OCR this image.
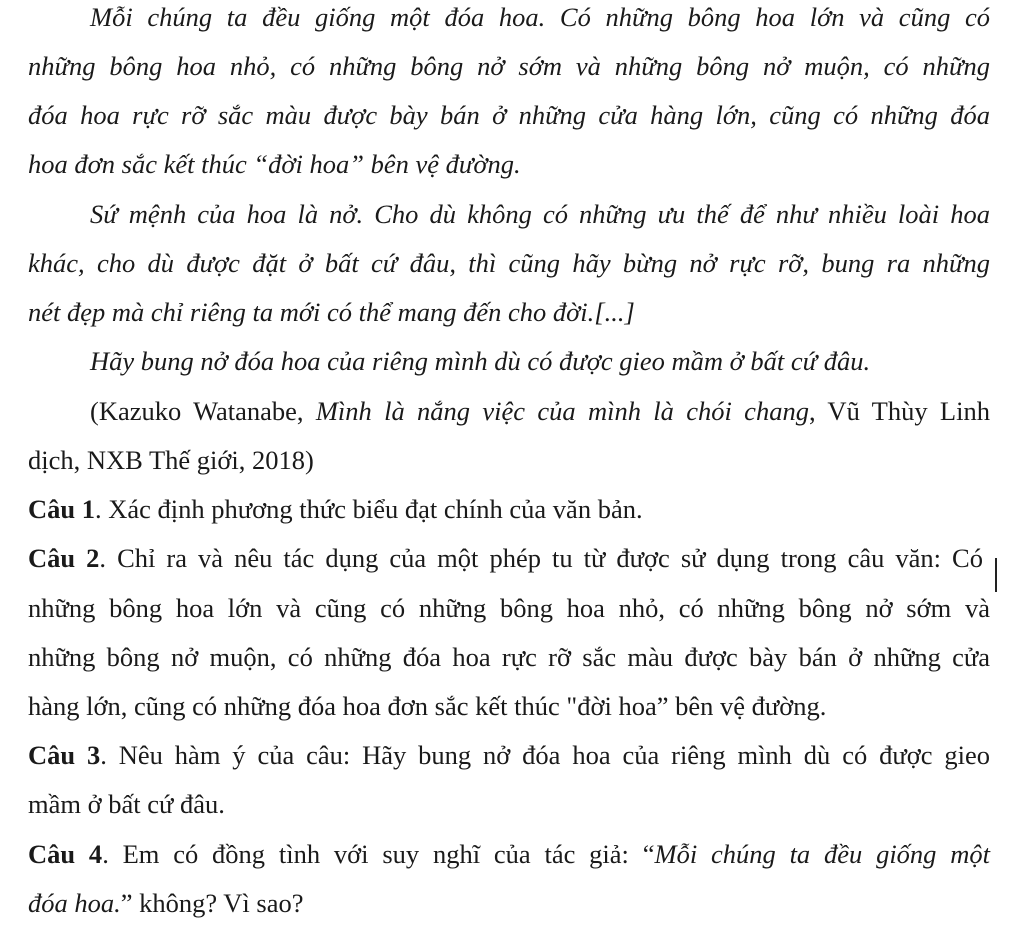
Mỗi chúng ta đều giống một đóa hoa. Có những bông hoa lớn và cũng có
những bông hoa nhỏ, có những bông nở sớm và những bông nở muộn, có những
đóa hoa rực rỡ sắc màu được bày bán ở những cửa hàng lớn, cũng có những đóa
hoa đơn sắc kết thúc “đời hoa” bên vệ đường.
Sứ mệnh của hoa là nở. Cho dù không có những ưu thế để như nhiều loài hoa
khác, cho dù được đặt ở bất cứ đâu, thì cũng hãy bừng nở rực rỡ, bung ra những
nét đẹp mà chỉ riêng ta mới có thể mang đến cho đời.[...]
Hãy bung nở đóa hoa của riêng mình dù có được gieo mầm ở bất cứ đâu.
(Kazuko Watanabe, Mình là nắng việc của mình là chói chang, Vũ Thùy Linh
dịch, NXB Thế giới, 2018)
Câu 1. Xác định phương thức biểu đạt chính của văn bản.
Câu 2. Chỉ ra và nêu tác dụng của một phép tu từ được sử dụng trong câu văn: Có
những bông hoa lớn và cũng có những bông hoa nhỏ, có những bông nở sớm và
những bông nở muộn, có những đóa hoa rực rỡ sắc màu được bày bán ở những cửa
hàng lớn, cũng có những đóa hoa đơn sắc kết thúc "đời hoa” bên vệ đường.
Câu 3. Nêu hàm ý của câu: Hãy bung nở đóa hoa của riêng mình dù có được gieo
mầm ở bất cứ đâu.
Câu 4. Em có đồng tình với suy nghĩ của tác giả: “Mỗi chúng ta đều giống một
đóa hoa.” không? Vì sao?
